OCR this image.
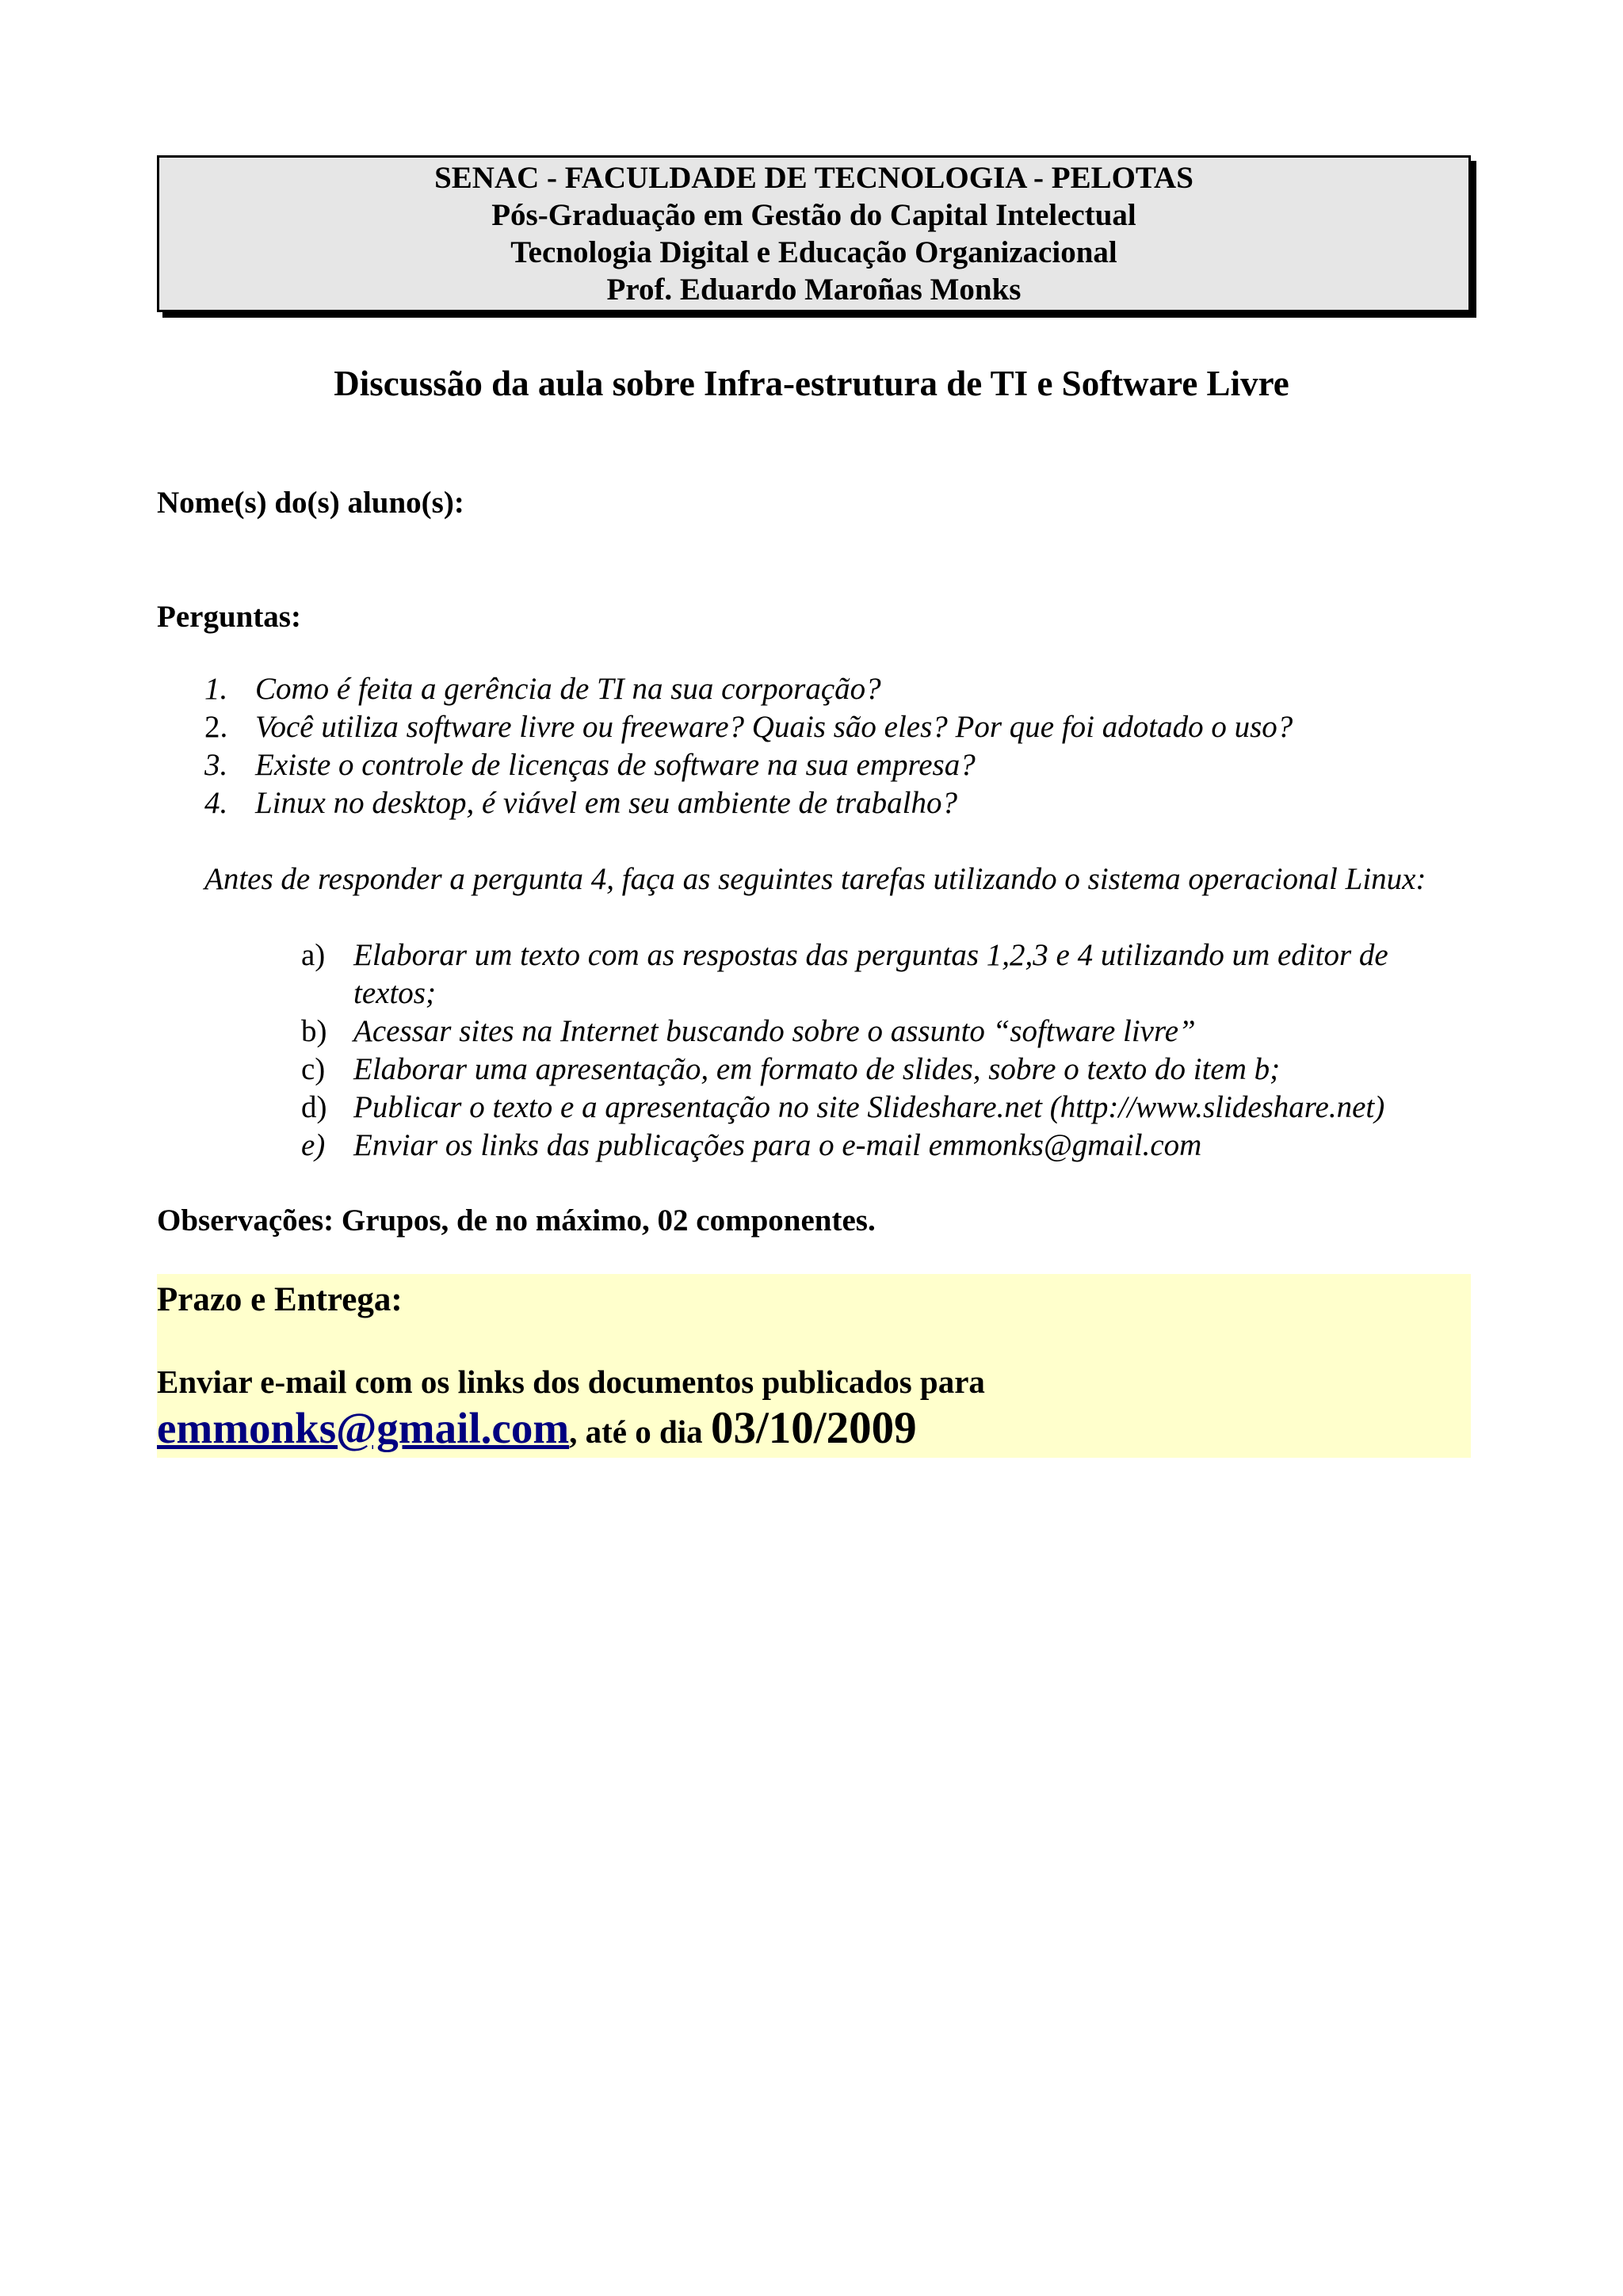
SENAC - FACULDADE DE TECNOLOGIA - PELOTAS
Pós-Graduação em Gestão do Capital Intelectual
Tecnologia Digital e Educação Organizacional
Prof. Eduardo Maroñas Monks
Discussão da aula sobre Infra-estrutura de TI e Software Livre
Nome(s) do(s) aluno(s):
Perguntas:
1. Como é feita a gerência de TI na sua corporação?
2. Você utiliza software livre ou freeware? Quais são eles? Por que foi adotado o uso?
3. Existe o controle de licenças de software na sua empresa?
4. Linux no desktop, é viável em seu ambiente de trabalho?
Antes de responder a pergunta 4, faça as seguintes tarefas utilizando o sistema operacional Linux:
a) Elaborar um texto com as respostas das perguntas 1,2,3 e 4 utilizando um editor de textos;
b) Acessar sites na Internet buscando sobre o assunto “software livre”
c) Elaborar uma apresentação, em formato de slides, sobre o texto do item b;
d) Publicar o texto e a apresentação no site Slideshare.net (http://www.slideshare.net)
e) Enviar os links das publicações para o e-mail emmonks@gmail.com
Observações: Grupos, de no máximo, 02 componentes.
Prazo e Entrega:
Enviar e-mail com os links dos documentos publicados para
emmonks@gmail.com, até o dia 03/10/2009
